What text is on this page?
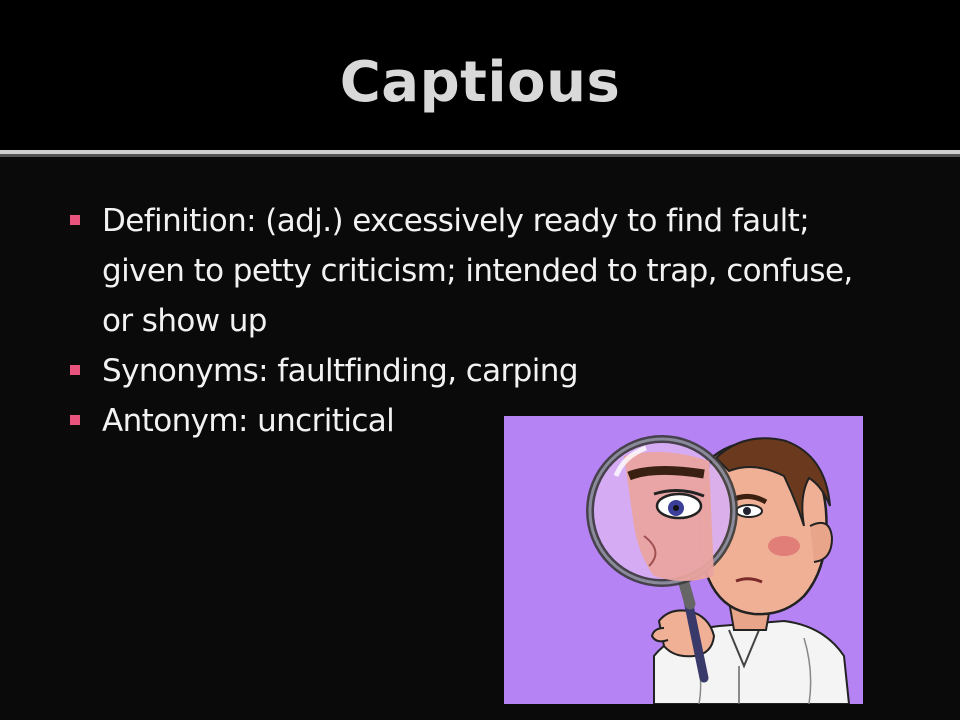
Captious
Definition: (adj.) excessively ready to find fault; given to petty criticism; intended to trap, confuse, or show up
Synonyms: faultfinding, carping
Antonym: uncritical
